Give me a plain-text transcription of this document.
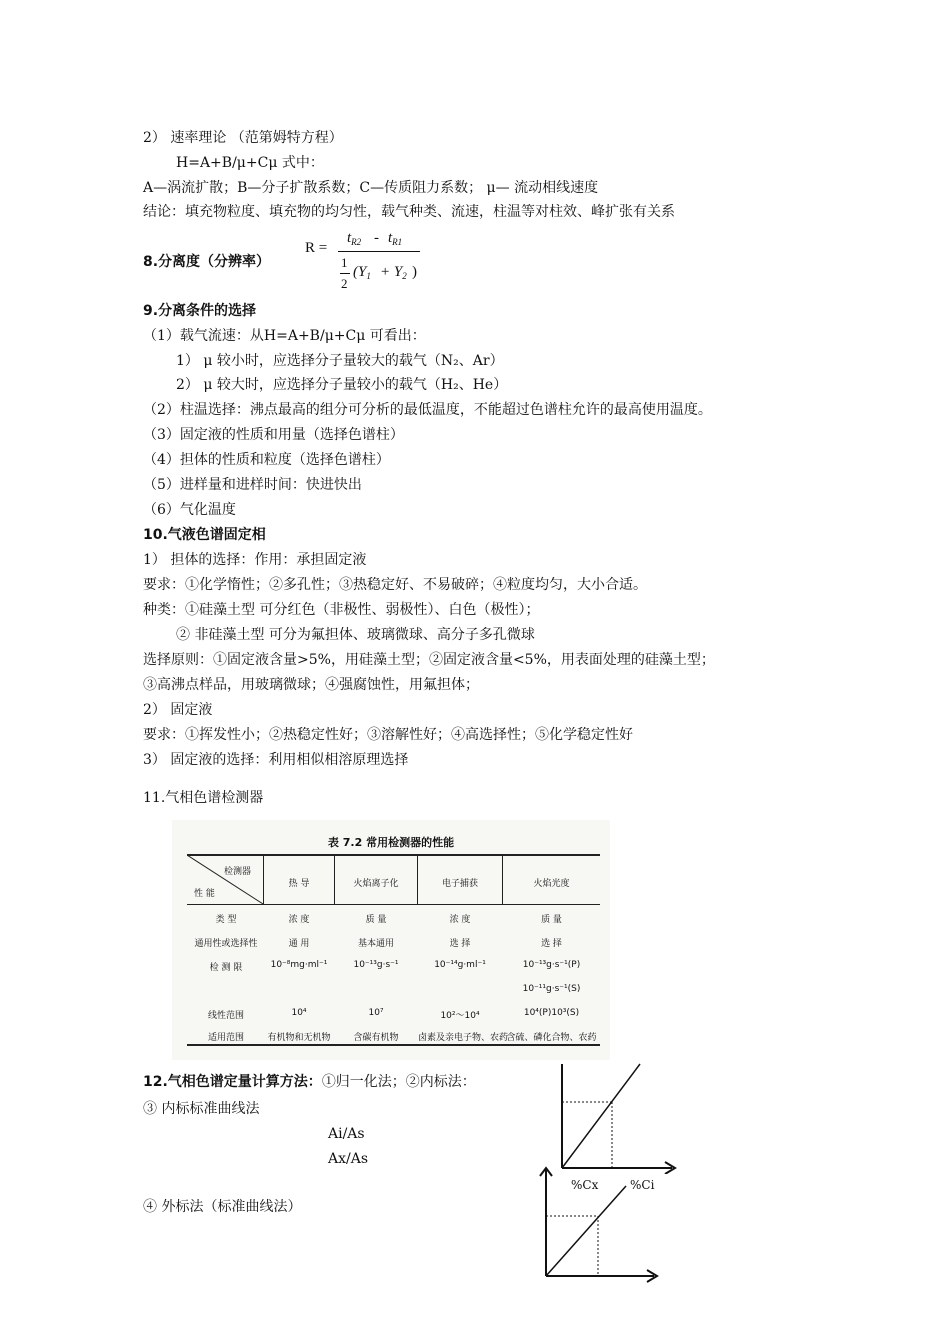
2） 速率理论 （范第姆特方程）
H=A+B/μ+Cμ 式中：
A—涡流扩散；B—分子扩散系数；C—传质阻力系数； μ— 流动相线速度
结论：填充物粒度、填充物的均匀性，载气种类、流速，柱温等对柱效、峰扩张有关系
8.分离度（分辨率）
R =
$t_{R2} - t_{R1}$
1
2
($Y_1 + Y_2$ )
9.分离条件的选择
（1）载气流速：从H=A+B/μ+Cμ 可看出：
1） μ 较小时，应选择分子量较大的载气（N₂、Ar）
2） μ 较大时，应选择分子量较小的载气（H₂、He）
（2）柱温选择：沸点最高的组分可分析的最低温度，不能超过色谱柱允许的最高使用温度。
（3）固定液的性质和用量（选择色谱柱）
（4）担体的性质和粒度（选择色谱柱）
（5）进样量和进样时间：快进快出
（6）气化温度
10.气液色谱固定相
1） 担体的选择：作用：承担固定液
要求：①化学惰性；②多孔性；③热稳定好、不易破碎；④粒度均匀，大小合适。
种类：①硅藻土型 可分红色（非极性、弱极性）、白色（极性）；
② 非硅藻土型 可分为氟担体、玻璃微球、高分子多孔微球
选择原则：①固定液含量>5%，用硅藻土型；②固定液含量<5%，用表面处理的硅藻土型；
③高沸点样品，用玻璃微球；④强腐蚀性，用氟担体；
2） 固定液
要求：①挥发性小；②热稳定性好；③溶解性好；④高选择性；⑤化学稳定性好
3） 固定液的选择：利用相似相溶原理选择
11.气相色谱检测器
表 7.2 常用检测器的性能
检测器
性 能
热 导	火焰离子化	电子捕获	火焰光度
类 型	浓 度	质 量	浓 度	质 量
通用性或选择性	通 用	基本通用	选 择	选 择
检 测 限	10⁻⁸mg·ml⁻¹	10⁻¹³g·s⁻¹	10⁻¹⁴g·ml⁻¹	10⁻¹³g·s⁻¹(P)
10⁻¹¹g·s⁻¹(S)
线性范围	10⁴	10⁷	10²～10⁴	10⁴(P)10³(S)
适用范围	有机物和无机物	含碳有机物	卤素及亲电子物、农药
含硫、磷化合物、农药
12.气相色谱定量计算方法：①归一化法；②内标法：
③ 内标标准曲线法
Ai/As
Ax/As
④ 外标法（标准曲线法）
%Cx	%Ci
